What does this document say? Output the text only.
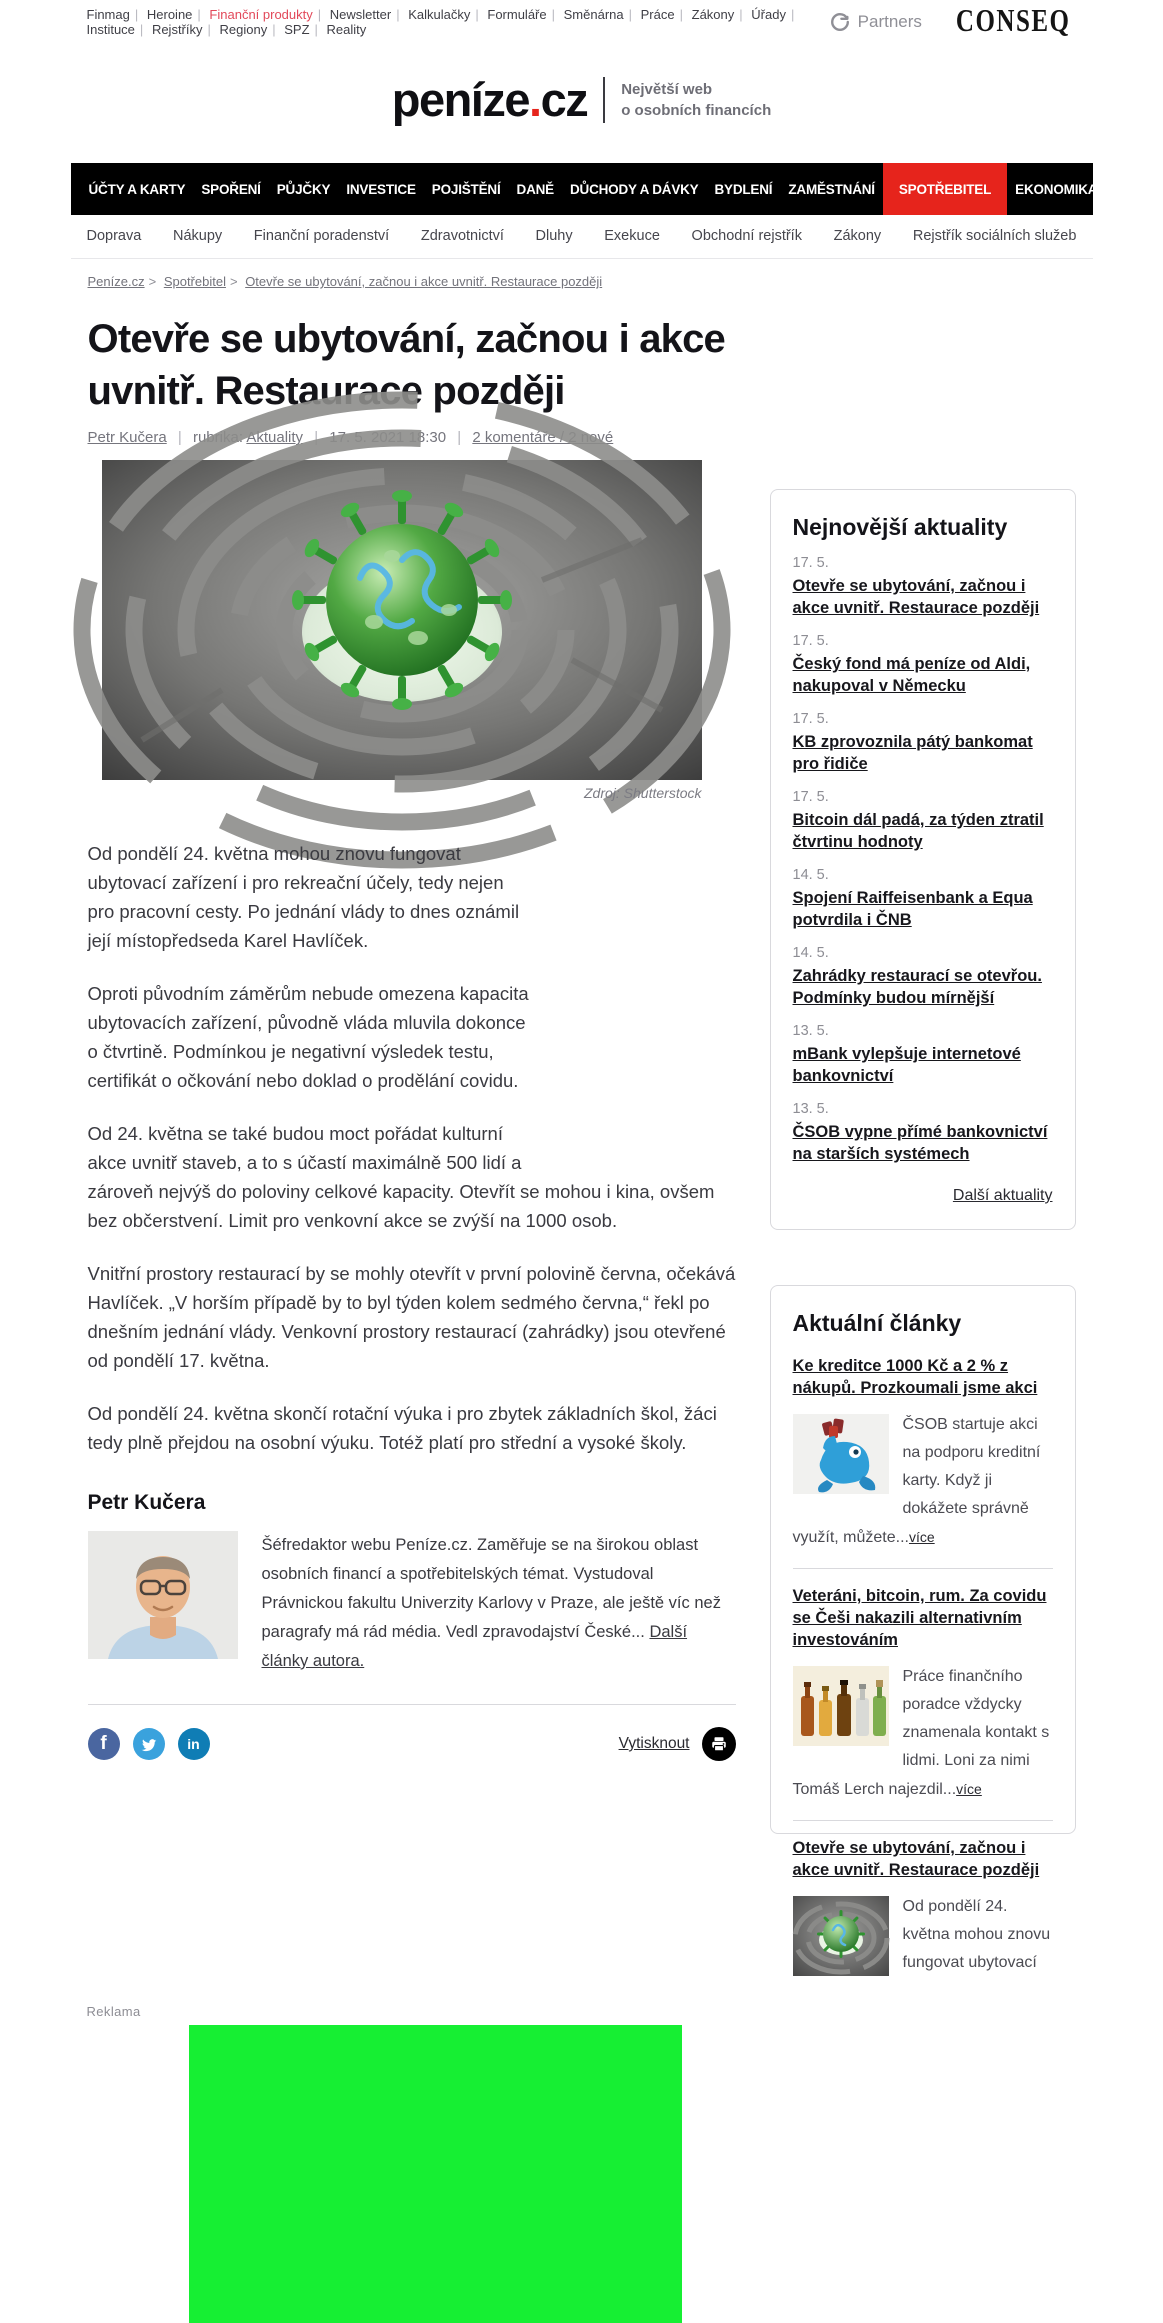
Finmag | Heroine | Finanční produkty | Newsletter | Kalkulačky | Formuláře | Směnárna | Práce | Zákony | Úřady | Instituce | Rejstříky | Regiony | SPZ | Reality	Partners CONSEQ
peníze.cz Největší web
o osobních financích
ÚČTY A KARTY	SPOŘENÍ	PŮJČKY	INVESTICE	POJIŠTĚNÍ	DANĚ	DŮCHODY A DÁVKY	BYDLENÍ	ZAMĚSTNÁNÍ	SPOTŘEBITEL	EKONOMIKA
Doprava Nákupy Finanční poradenství Zdravotnictví Dluhy Exekuce Obchodní rejstřík Zákony Rejstřík sociálních služeb
Peníze.cz > Spotřebitel > Otevře se ubytování, začnou i akce uvnitř. Restaurace později
Otevře se ubytování, začnou i akce uvnitř. Restaurace později
Petr Kučera | rubrika: Aktuality | 17. 5. 2021 18:30 | 2 komentáře / 2 nové
Zdroj: Shutterstock

Od pondělí 24. května mohou znovu fungovat ubytovací zařízení i pro rekreační účely, tedy nejen pro pracovní cesty. Po jednání vlády to dnes oznámil její místopředseda Karel Havlíček.

Oproti původním záměrům nebude omezena kapacita ubytovacích zařízení, původně vláda mluvila dokonce o čtvrtině. Podmínkou je negativní výsledek testu, certifikát o očkování nebo doklad o prodělání covidu.

Od 24. května se také budou moct pořádat kulturní akce uvnitř staveb, a to s účastí maximálně 500 lidí a zároveň nejvýš do poloviny celkové kapacity. Otevřít se mohou i kina, ovšem bez občerstvení. Limit pro venkovní akce se zvýší na 1000 osob.

Vnitřní prostory restaurací by se mohly otevřít v první polovině června, očekává Havlíček. „V horším případě by to byl týden kolem sedmého června,“ řekl po dnešním jednání vlády. Venkovní prostory restaurací (zahrádky) jsou otevřené od pondělí 17. května.

Od pondělí 24. května skončí rotační výuka i pro zbytek základních škol, žáci tedy plně přejdou na osobní výuku. Totéž platí pro střední a vysoké školy.

Petr Kučera
Šéfredaktor webu Peníze.cz. Zaměřuje se na širokou oblast osobních financí a spotřebitelských témat. Vystudoval Právnickou fakultu Univerzity Karlovy v Praze, ale ještě víc než paragrafy má rád média. Vedl zpravodajství České... Další články autora.
f	in	Vytisknout
Nejnovější aktuality
17. 5.
Otevře se ubytování, začnou i akce uvnitř. Restaurace později
17. 5.
Český fond má peníze od Aldi, nakupoval v Německu
17. 5.
KB zprovoznila pátý bankomat pro řidiče
17. 5.
Bitcoin dál padá, za týden ztratil čtvrtinu hodnoty
14. 5.
Spojení Raiffeisenbank a Equa potvrdila i ČNB
14. 5.
Zahrádky restaurací se otevřou. Podmínky budou mírnější
13. 5.
mBank vylepšuje internetové bankovnictví
13. 5.
ČSOB vypne přímé bankovnictví na starších systémech
Další aktuality
Aktuální články
Ke kreditce 1000 Kč a 2 % z nákupů. Prozkoumali jsme akci
ČSOB startuje akci na podporu kreditní karty. Když ji dokážete správně využít, můžete...více
Veteráni, bitcoin, rum. Za covidu se Češi nakazili alternativním investováním
Práce finančního poradce vždycky znamenala kontakt s lidmi. Loni za nimi Tomáš Lerch najezdil...více
Otevře se ubytování, začnou i akce uvnitř. Restaurace později
Od pondělí 24. května mohou znovu fungovat ubytovací
Reklama
